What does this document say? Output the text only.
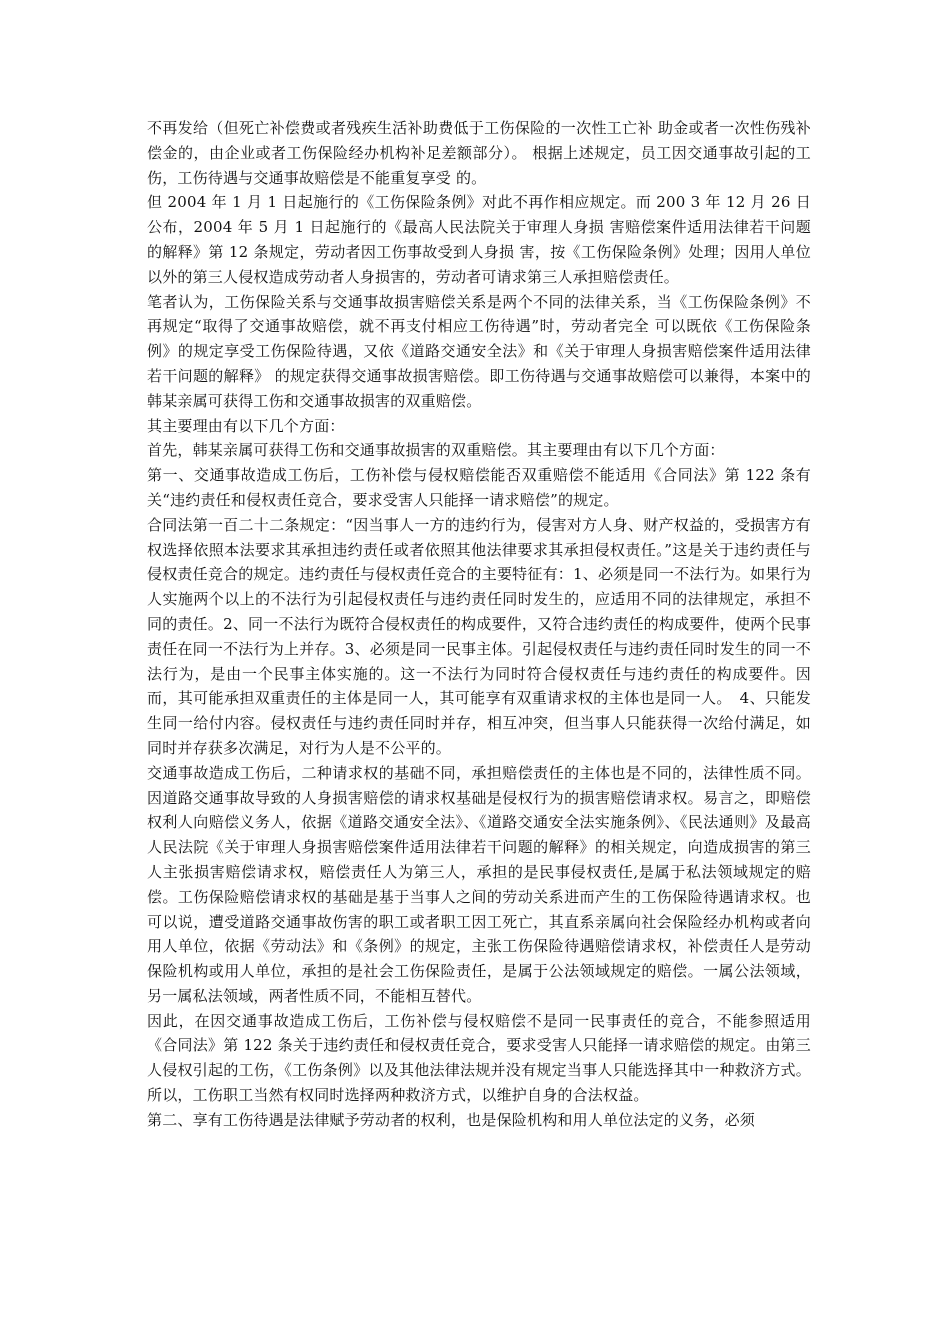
不再发给（但死亡补偿费或者残疾生活补助费低于工伤保险的一次性工亡补 助金或者一次性伤残补偿金的，由企业或者工伤保险经办机构补足差额部分）。 根据上述规定，员工因交通事故引起的工伤，工伤待遇与交通事故赔偿是不能重复享受 的。

但 2004 年 1 月 1 日起施行的《工伤保险条例》对此不再作相应规定。而 200 3 年 12 月 26 日公布，2004 年 5 月 1 日起施行的《最高人民法院关于审理人身损 害赔偿案件适用法律若干问题的解释》第 12 条规定，劳动者因工伤事故受到人身损 害，按《工伤保险条例》处理；因用人单位以外的第三人侵权造成劳动者人身损害的，劳动者可请求第三人承担赔偿责任。

笔者认为，工伤保险关系与交通事故损害赔偿关系是两个不同的法律关系，当《工伤保险条例》不再规定“取得了交通事故赔偿，就不再支付相应工伤待遇”时，劳动者完全 可以既依《工伤保险条例》的规定享受工伤保险待遇，又依《道路交通安全法》和《关于审理人身损害赔偿案件适用法律若干问题的解释》 的规定获得交通事故损害赔偿。即工伤待遇与交通事故赔偿可以兼得，本案中的韩某亲属可获得工伤和交通事故损害的双重赔偿。

其主要理由有以下几个方面：

首先，韩某亲属可获得工伤和交通事故损害的双重赔偿。其主要理由有以下几个方面：

第一、交通事故造成工伤后，工伤补偿与侵权赔偿能否双重赔偿不能适用《合同法》第 122 条有关“违约责任和侵权责任竞合，要求受害人只能择一请求赔偿”的规定。

合同法第一百二十二条规定：“因当事人一方的违约行为，侵害对方人身、财产权益的，受损害方有权选择依照本法要求其承担违约责任或者依照其他法律要求其承担侵权责任。”这是关于违约责任与侵权责任竞合的规定。违约责任与侵权责任竞合的主要特征有：1、必须是同一不法行为。如果行为人实施两个以上的不法行为引起侵权责任与违约责任同时发生的，应适用不同的法律规定，承担不同的责任。2、同一不法行为既符合侵权责任的构成要件，又符合违约责任的构成要件，使两个民事责任在同一不法行为上并存。3、必须是同一民事主体。引起侵权责任与违约责任同时发生的同一不法行为，是由一个民事主体实施的。这一不法行为同时符合侵权责任与违约责任的构成要件。因而，其可能承担双重责任的主体是同一人，其可能享有双重请求权的主体也是同一人。　4、只能发生同一给付内容。侵权责任与违约责任同时并存，相互冲突，但当事人只能获得一次给付满足，如同时并存获多次满足，对行为人是不公平的。

交通事故造成工伤后，二种请求权的基础不同，承担赔偿责任的主体也是不同的，法律性质不同。因道路交通事故导致的人身损害赔偿的请求权基础是侵权行为的损害赔偿请求权。易言之，即赔偿权利人向赔偿义务人，依据《道路交通安全法》、《道路交通安全法实施条例》、《民法通则》及最高人民法院《关于审理人身损害赔偿案件适用法律若干问题的解释》的相关规定，向造成损害的第三人主张损害赔偿请求权，赔偿责任人为第三人，承担的是民事侵权责任,是属于私法领域规定的赔偿。工伤保险赔偿请求权的基础是基于当事人之间的劳动关系进而产生的工伤保险待遇请求权。也可以说，遭受道路交通事故伤害的职工或者职工因工死亡，其直系亲属向社会保险经办机构或者向用人单位，依据《劳动法》和《条例》的规定，主张工伤保险待遇赔偿请求权，补偿责任人是劳动保险机构或用人单位，承担的是社会工伤保险责任，是属于公法领域规定的赔偿。一属公法领域，另一属私法领域，两者性质不同，不能相互替代。

因此，在因交通事故造成工伤后，工伤补偿与侵权赔偿不是同一民事责任的竞合，不能参照适用《合同法》第 122 条关于违约责任和侵权责任竞合，要求受害人只能择一请求赔偿的规定。由第三人侵权引起的工伤，《工伤条例》以及其他法律法规并没有规定当事人只能选择其中一种救济方式。所以，工伤职工当然有权同时选择两种救济方式，以维护自身的合法权益。

第二、享有工伤待遇是法律赋予劳动者的权利，也是保险机构和用人单位法定的义务，必须
